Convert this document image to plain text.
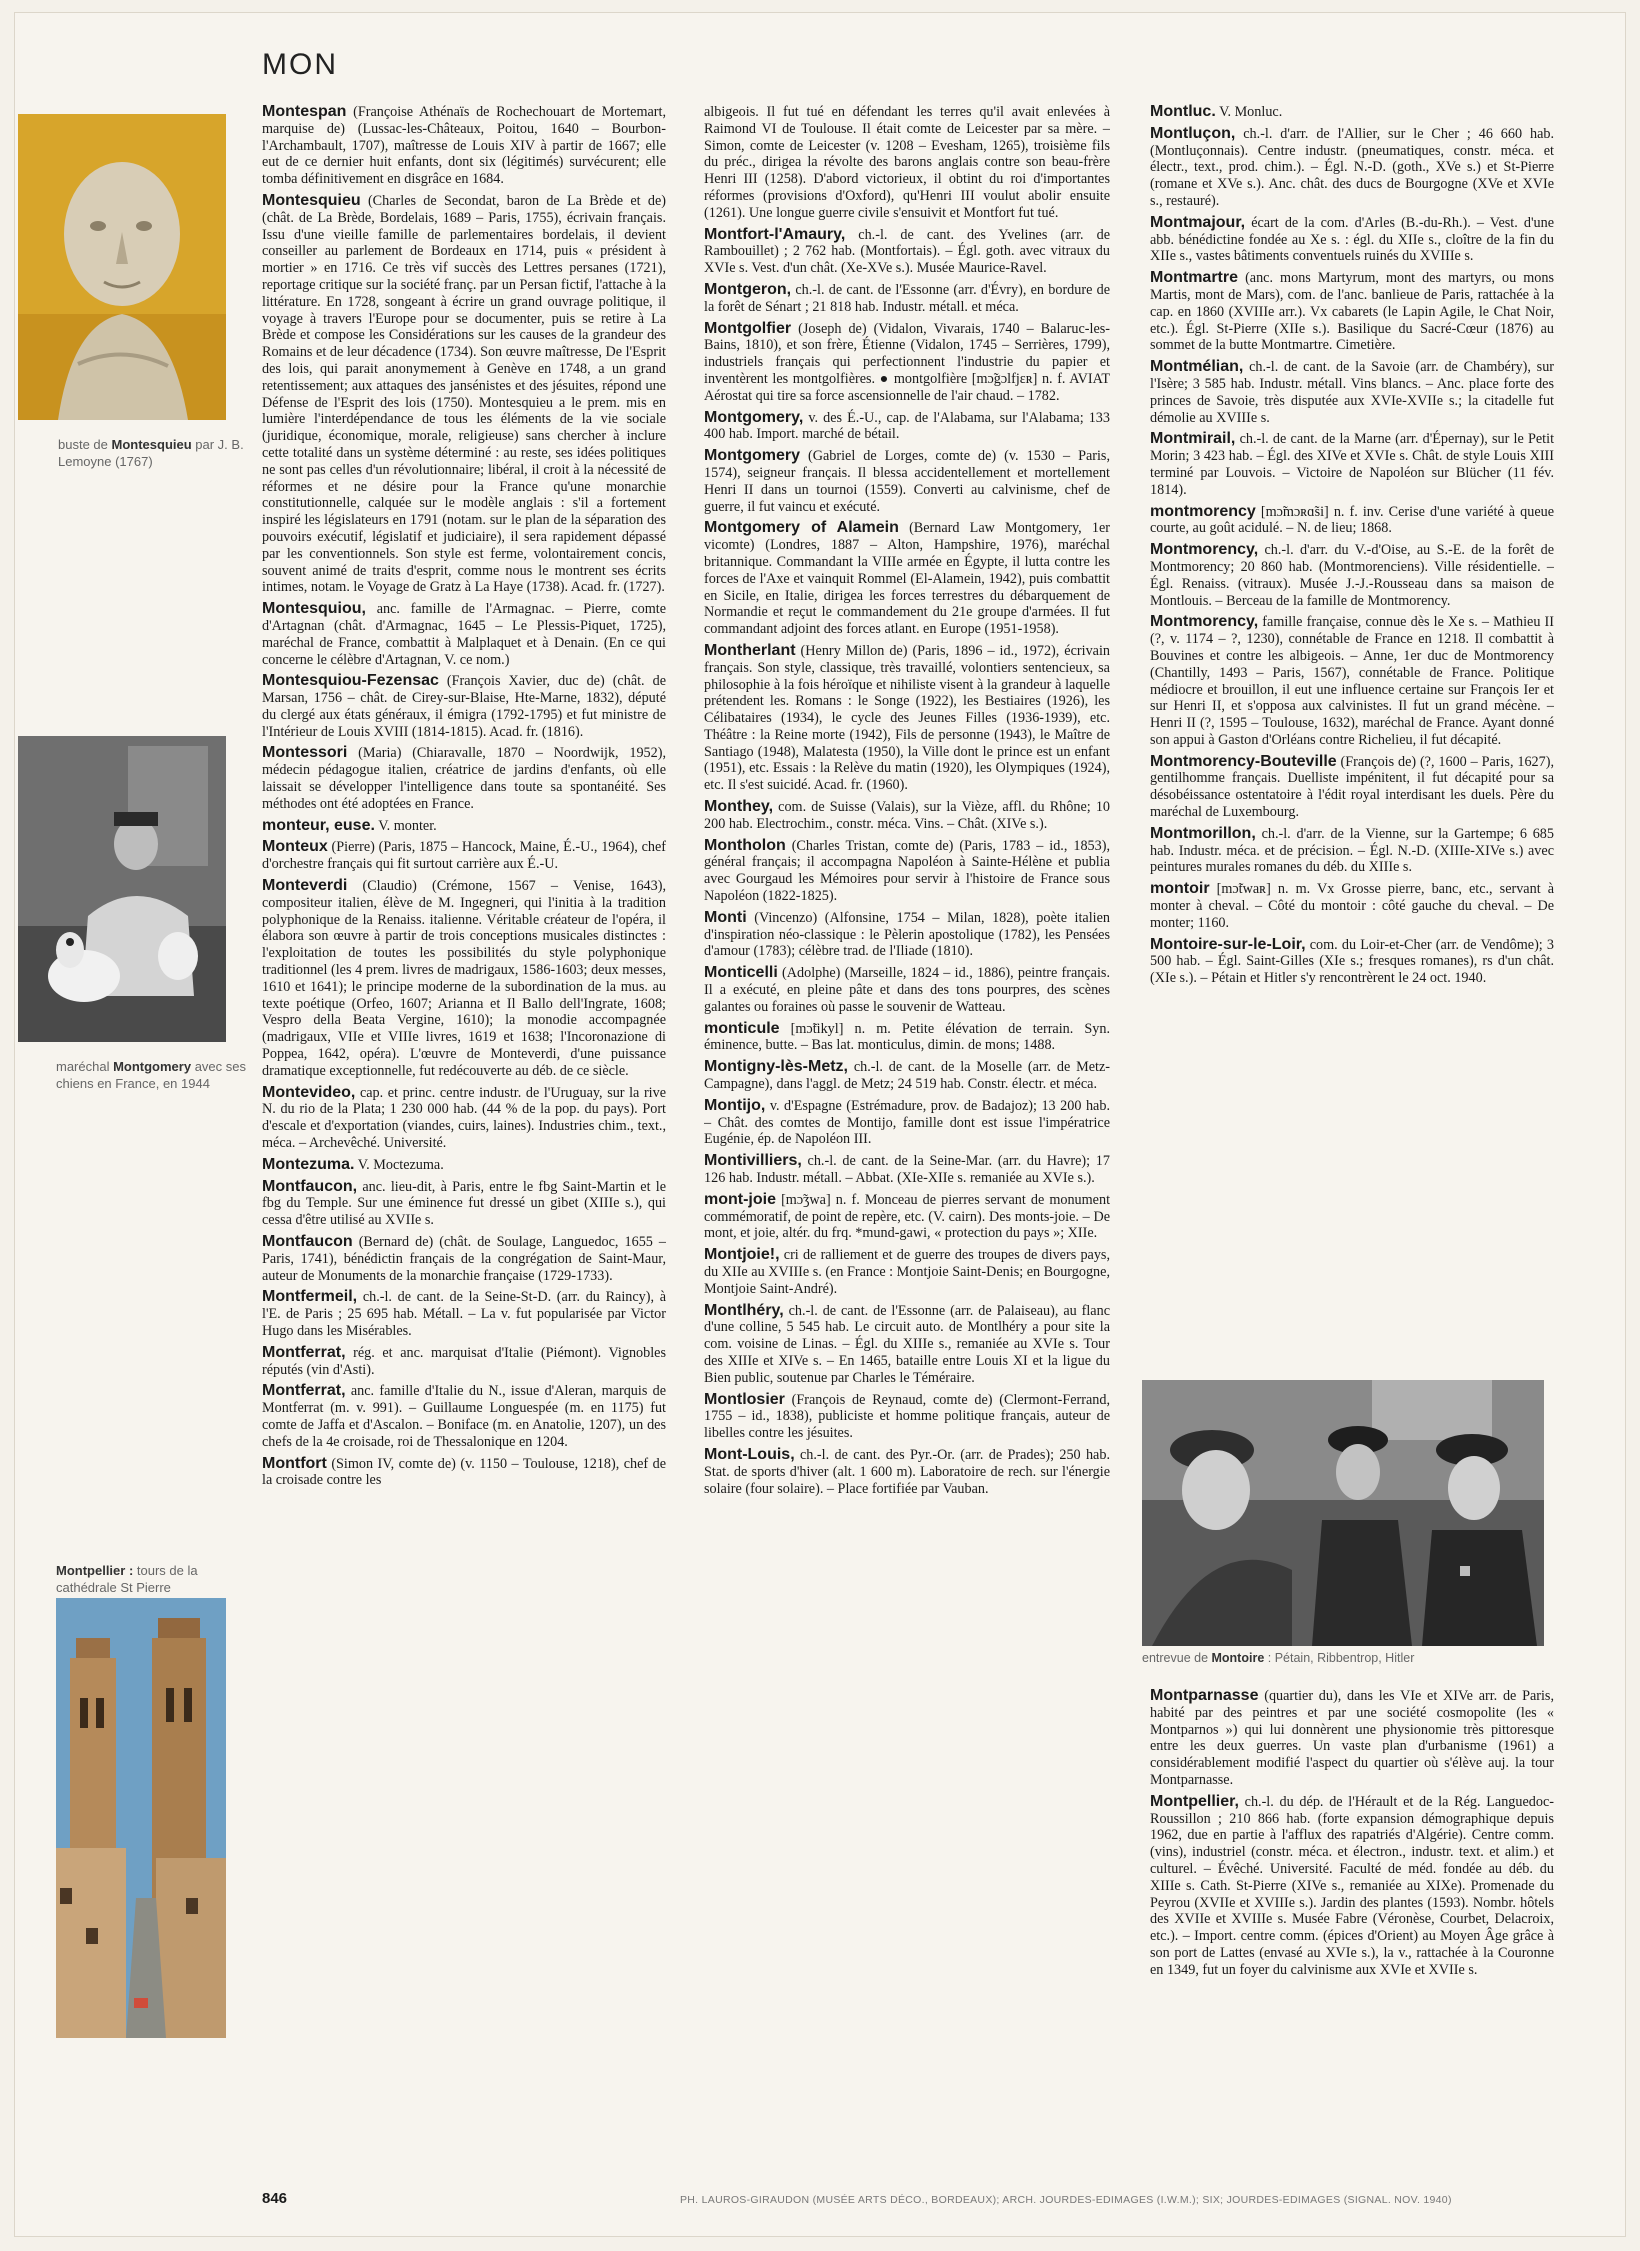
MON
buste de Montesquieu par J. B. Lemoyne (1767)
maréchal Montgomery avec ses chiens en France, en 1944
Montpellier : tours de la cathédrale St Pierre
entrevue de Montoire : Pétain, Ribbentrop, Hitler

Montespan (Françoise Athénaïs de Rochechouart de Mortemart, marquise de) (Lussac-les-Châteaux, Poitou, 1640 – Bourbon-l'Archambault, 1707), maîtresse de Louis XIV à partir de 1667; elle eut de ce dernier huit enfants, dont six (légitimés) survécurent; elle tomba définitivement en disgrâce en 1684.

Montesquieu (Charles de Secondat, baron de La Brède et de) (chât. de La Brède, Bordelais, 1689 – Paris, 1755), écrivain français. Issu d'une vieille famille de parlementaires bordelais, il devient conseiller au parlement de Bordeaux en 1714, puis « président à mortier » en 1716. Ce très vif succès des Lettres persanes (1721), reportage critique sur la société franç. par un Persan fictif, l'attache à la littérature. En 1728, songeant à écrire un grand ouvrage politique, il voyage à travers l'Europe pour se documenter, puis se retire à La Brède et compose les Considérations sur les causes de la grandeur des Romains et de leur décadence (1734). Son œuvre maîtresse, De l'Esprit des lois, qui parait anonymement à Genève en 1748, a un grand retentissement; aux attaques des jansénistes et des jésuites, répond une Défense de l'Esprit des lois (1750). Montesquieu a le prem. mis en lumière l'interdépendance de tous les éléments de la vie sociale (juridique, économique, morale, religieuse) sans chercher à inclure cette totalité dans un système déterminé : au reste, ses idées politiques ne sont pas celles d'un révolutionnaire; libéral, il croit à la nécessité de réformes et ne désire pour la France qu'une monarchie constitutionnelle, calquée sur le modèle anglais : s'il a fortement inspiré les législateurs en 1791 (notam. sur le plan de la séparation des pouvoirs exécutif, législatif et judiciaire), il sera rapidement dépassé par les conventionnels. Son style est ferme, volontairement concis, souvent animé de traits d'esprit, comme nous le montrent ses écrits intimes, notam. le Voyage de Gratz à La Haye (1738). Acad. fr. (1727).

Montesquiou, anc. famille de l'Armagnac. – Pierre, comte d'Artagnan (chât. d'Armagnac, 1645 – Le Plessis-Piquet, 1725), maréchal de France, combattit à Malplaquet et à Denain. (En ce qui concerne le célèbre d'Artagnan, V. ce nom.)

Montesquiou-Fezensac (François Xavier, duc de) (chât. de Marsan, 1756 – chât. de Cirey-sur-Blaise, Hte-Marne, 1832), député du clergé aux états généraux, il émigra (1792-1795) et fut ministre de l'Intérieur de Louis XVIII (1814-1815). Acad. fr. (1816).

Montessori (Maria) (Chiaravalle, 1870 – Noordwijk, 1952), médecin pédagogue italien, créatrice de jardins d'enfants, où elle laissait se développer l'intelligence dans toute sa spontanéité. Ses méthodes ont été adoptées en France.

monteur, euse. V. monter.

Monteux (Pierre) (Paris, 1875 – Hancock, Maine, É.-U., 1964), chef d'orchestre français qui fit surtout carrière aux É.-U.

Monteverdi (Claudio) (Crémone, 1567 – Venise, 1643), compositeur italien, élève de M. Ingegneri, qui l'initia à la tradition polyphonique de la Renaiss. italienne. Véritable créateur de l'opéra, il élabora son œuvre à partir de trois conceptions musicales distinctes : l'exploitation de toutes les possibilités du style polyphonique traditionnel (les 4 prem. livres de madrigaux, 1586-1603; deux messes, 1610 et 1641); le principe moderne de la subordination de la mus. au texte poétique (Orfeo, 1607; Arianna et Il Ballo dell'Ingrate, 1608; Vespro della Beata Vergine, 1610); la monodie accompagnée (madrigaux, VIIe et VIIIe livres, 1619 et 1638; l'Incoronazione di Poppea, 1642, opéra). L'œuvre de Monteverdi, d'une puissance dramatique exceptionnelle, fut redécouverte au déb. de ce siècle.

Montevideo, cap. et princ. centre industr. de l'Uruguay, sur la rive N. du rio de la Plata; 1 230 000 hab. (44 % de la pop. du pays). Port d'escale et d'exportation (viandes, cuirs, laines). Industries chim., text., méca. – Archevêché. Université.

Montezuma. V. Moctezuma.

Montfaucon, anc. lieu-dit, à Paris, entre le fbg Saint-Martin et le fbg du Temple. Sur une éminence fut dressé un gibet (XIIIe s.), qui cessa d'être utilisé au XVIIe s.

Montfaucon (Bernard de) (chât. de Soulage, Languedoc, 1655 – Paris, 1741), bénédictin français de la congrégation de Saint-Maur, auteur de Monuments de la monarchie française (1729-1733).

Montfermeil, ch.-l. de cant. de la Seine-St-D. (arr. du Raincy), à l'E. de Paris ; 25 695 hab. Métall. – La v. fut popularisée par Victor Hugo dans les Misérables.

Montferrat, rég. et anc. marquisat d'Italie (Piémont). Vignobles réputés (vin d'Asti).

Montferrat, anc. famille d'Italie du N., issue d'Aleran, marquis de Montferrat (m. v. 991). – Guillaume Longuespée (m. en 1175) fut comte de Jaffa et d'Ascalon. – Boniface (m. en Anatolie, 1207), un des chefs de la 4e croisade, roi de Thessalonique en 1204.

Montfort (Simon IV, comte de) (v. 1150 – Toulouse, 1218), chef de la croisade contre les

albigeois. Il fut tué en défendant les terres qu'il avait enlevées à Raimond VI de Toulouse. Il était comte de Leicester par sa mère. – Simon, comte de Leicester (v. 1208 – Evesham, 1265), troisième fils du préc., dirigea la révolte des barons anglais contre son beau-frère Henri III (1258). D'abord victorieux, il obtint du roi d'importantes réformes (provisions d'Oxford), qu'Henri III voulut abolir ensuite (1261). Une longue guerre civile s'ensuivit et Montfort fut tué.

Montfort-l'Amaury, ch.-l. de cant. des Yvelines (arr. de Rambouillet) ; 2 762 hab. (Montfortais). – Égl. goth. avec vitraux du XVIe s. Vest. d'un chât. (Xe-XVe s.). Musée Maurice-Ravel.

Montgeron, ch.-l. de cant. de l'Essonne (arr. d'Évry), en bordure de la forêt de Sénart ; 21 818 hab. Industr. métall. et méca.

Montgolfier (Joseph de) (Vidalon, Vivarais, 1740 – Balaruc-les-Bains, 1810), et son frère, Étienne (Vidalon, 1745 – Serrières, 1799), industriels français qui perfectionnent l'industrie du papier et inventèrent les montgolfières. ● montgolfière [mɔ̃gɔlfjɛʀ] n. f. AVIAT Aérostat qui tire sa force ascensionnelle de l'air chaud. – 1782.

Montgomery, v. des É.-U., cap. de l'Alabama, sur l'Alabama; 133 400 hab. Import. marché de bétail.

Montgomery (Gabriel de Lorges, comte de) (v. 1530 – Paris, 1574), seigneur français. Il blessa accidentellement et mortellement Henri II dans un tournoi (1559). Converti au calvinisme, chef de guerre, il fut vaincu et exécuté.

Montgomery of Alamein (Bernard Law Montgomery, 1er vicomte) (Londres, 1887 – Alton, Hampshire, 1976), maréchal britannique. Commandant la VIIIe armée en Égypte, il lutta contre les forces de l'Axe et vainquit Rommel (El-Alamein, 1942), puis combattit en Sicile, en Italie, dirigea les forces terrestres du débarquement de Normandie et reçut le commandement du 21e groupe d'armées. Il fut commandant adjoint des forces atlant. en Europe (1951-1958).

Montherlant (Henry Millon de) (Paris, 1896 – id., 1972), écrivain français. Son style, classique, très travaillé, volontiers sentencieux, sa philosophie à la fois héroïque et nihiliste visent à la grandeur à laquelle prétendent les. Romans : le Songe (1922), les Bestiaires (1926), les Célibataires (1934), le cycle des Jeunes Filles (1936-1939), etc. Théâtre : la Reine morte (1942), Fils de personne (1943), le Maître de Santiago (1948), Malatesta (1950), la Ville dont le prince est un enfant (1951), etc. Essais : la Relève du matin (1920), les Olympiques (1924), etc. Il s'est suicidé. Acad. fr. (1960).

Monthey, com. de Suisse (Valais), sur la Vièze, affl. du Rhône; 10 200 hab. Electrochim., constr. méca. Vins. – Chât. (XIVe s.).

Montholon (Charles Tristan, comte de) (Paris, 1783 – id., 1853), général français; il accompagna Napoléon à Sainte-Hélène et publia avec Gourgaud les Mémoires pour servir à l'histoire de France sous Napoléon (1822-1825).

Monti (Vincenzo) (Alfonsine, 1754 – Milan, 1828), poète italien d'inspiration néo-classique : le Pèlerin apostolique (1782), les Pensées d'amour (1783); célèbre trad. de l'Iliade (1810).

Monticelli (Adolphe) (Marseille, 1824 – id., 1886), peintre français. Il a exécuté, en pleine pâte et dans des tons pourpres, des scènes galantes ou foraines où passe le souvenir de Watteau.

monticule [mɔ̃tikyl] n. m. Petite élévation de terrain. Syn. éminence, butte. – Bas lat. monticulus, dimin. de mons; 1488.

Montigny-lès-Metz, ch.-l. de cant. de la Moselle (arr. de Metz-Campagne), dans l'aggl. de Metz; 24 519 hab. Constr. électr. et méca.

Montijo, v. d'Espagne (Estrémadure, prov. de Badajoz); 13 200 hab. – Chât. des comtes de Montijo, famille dont est issue l'impératrice Eugénie, ép. de Napoléon III.

Montivilliers, ch.-l. de cant. de la Seine-Mar. (arr. du Havre); 17 126 hab. Industr. métall. – Abbat. (XIe-XIIe s. remaniée au XVIe s.).

mont-joie [mɔ̃ʒwa] n. f. Monceau de pierres servant de monument commémoratif, de point de repère, etc. (V. cairn). Des monts-joie. – De mont, et joie, altér. du frq. *mund-gawi, « protection du pays »; XIIe.

Montjoie!, cri de ralliement et de guerre des troupes de divers pays, du XIIe au XVIIIe s. (en France : Montjoie Saint-Denis; en Bourgogne, Montjoie Saint-André).

Montlhéry, ch.-l. de cant. de l'Essonne (arr. de Palaiseau), au flanc d'une colline, 5 545 hab. Le circuit auto. de Montlhéry a pour site la com. voisine de Linas. – Égl. du XIIIe s., remaniée au XVIe s. Tour des XIIIe et XIVe s. – En 1465, bataille entre Louis XI et la ligue du Bien public, soutenue par Charles le Téméraire.

Montlosier (François de Reynaud, comte de) (Clermont-Ferrand, 1755 – id., 1838), publiciste et homme politique français, auteur de libelles contre les jésuites.

Mont-Louis, ch.-l. de cant. des Pyr.-Or. (arr. de Prades); 250 hab. Stat. de sports d'hiver (alt. 1 600 m). Laboratoire de rech. sur l'énergie solaire (four solaire). – Place fortifiée par Vauban.

Montluc. V. Monluc.

Montluçon, ch.-l. d'arr. de l'Allier, sur le Cher ; 46 660 hab. (Montluçonnais). Centre industr. (pneumatiques, constr. méca. et électr., text., prod. chim.). – Égl. N.-D. (goth., XVe s.) et St-Pierre (romane et XVe s.). Anc. chât. des ducs de Bourgogne (XVe et XVIe s., restauré).

Montmajour, écart de la com. d'Arles (B.-du-Rh.). – Vest. d'une abb. bénédictine fondée au Xe s. : égl. du XIIe s., cloître de la fin du XIIe s., vastes bâtiments conventuels ruinés du XVIIIe s.

Montmartre (anc. mons Martyrum, mont des martyrs, ou mons Martis, mont de Mars), com. de l'anc. banlieue de Paris, rattachée à la cap. en 1860 (XVIIIe arr.). Vx cabarets (le Lapin Agile, le Chat Noir, etc.). Égl. St-Pierre (XIIe s.). Basilique du Sacré-Cœur (1876) au sommet de la butte Montmartre. Cimetière.

Montmélian, ch.-l. de cant. de la Savoie (arr. de Chambéry), sur l'Isère; 3 585 hab. Industr. métall. Vins blancs. – Anc. place forte des princes de Savoie, très disputée aux XVIe-XVIIe s.; la citadelle fut démolie au XVIIIe s.

Montmirail, ch.-l. de cant. de la Marne (arr. d'Épernay), sur le Petit Morin; 3 423 hab. – Égl. des XIVe et XVIe s. Chât. de style Louis XIII terminé par Louvois. – Victoire de Napoléon sur Blücher (11 fév. 1814).

montmorency [mɔ̃mɔʀɑ̃si] n. f. inv. Cerise d'une variété à queue courte, au goût acidulé. – N. de lieu; 1868.

Montmorency, ch.-l. d'arr. du V.-d'Oise, au S.-E. de la forêt de Montmorency; 20 860 hab. (Montmorenciens). Ville résidentielle. – Égl. Renaiss. (vitraux). Musée J.-J.-Rousseau dans sa maison de Montlouis. – Berceau de la famille de Montmorency.

Montmorency, famille française, connue dès le Xe s. – Mathieu II (?, v. 1174 – ?, 1230), connétable de France en 1218. Il combattit à Bouvines et contre les albigeois. – Anne, 1er duc de Montmorency (Chantilly, 1493 – Paris, 1567), connétable de France. Politique médiocre et brouillon, il eut une influence certaine sur François Ier et sur Henri II, et s'opposa aux calvinistes. Il fut un grand mécène. – Henri II (?, 1595 – Toulouse, 1632), maréchal de France. Ayant donné son appui à Gaston d'Orléans contre Richelieu, il fut décapité.

Montmorency-Bouteville (François de) (?, 1600 – Paris, 1627), gentilhomme français. Duelliste impénitent, il fut décapité pour sa désobéissance ostentatoire à l'édit royal interdisant les duels. Père du maréchal de Luxembourg.

Montmorillon, ch.-l. d'arr. de la Vienne, sur la Gartempe; 6 685 hab. Industr. méca. et de précision. – Égl. N.-D. (XIIIe-XIVe s.) avec peintures murales romanes du déb. du XIIIe s.

montoir [mɔ̃twaʀ] n. m. Vx Grosse pierre, banc, etc., servant à monter à cheval. – Côté du montoir : côté gauche du cheval. – De monter; 1160.

Montoire-sur-le-Loir, com. du Loir-et-Cher (arr. de Vendôme); 3 500 hab. – Égl. Saint-Gilles (XIe s.; fresques romanes), rs d'un chât. (XIe s.). – Pétain et Hitler s'y rencontrèrent le 24 oct. 1940.

Montparnasse (quartier du), dans les VIe et XIVe arr. de Paris, habité par des peintres et par une société cosmopolite (les « Montparnos ») qui lui donnèrent une physionomie très pittoresque entre les deux guerres. Un vaste plan d'urbanisme (1961) a considérablement modifié l'aspect du quartier où s'élève auj. la tour Montparnasse.

Montpellier, ch.-l. du dép. de l'Hérault et de la Rég. Languedoc-Roussillon ; 210 866 hab. (forte expansion démographique depuis 1962, due en partie à l'afflux des rapatriés d'Algérie). Centre comm. (vins), industriel (constr. méca. et électron., industr. text. et alim.) et culturel. – Évêché. Université. Faculté de méd. fondée au déb. du XIIIe s. Cath. St-Pierre (XIVe s., remaniée au XIXe). Promenade du Peyrou (XVIIe et XVIIIe s.). Jardin des plantes (1593). Nombr. hôtels des XVIIe et XVIIIe s. Musée Fabre (Véronèse, Courbet, Delacroix, etc.). – Import. centre comm. (épices d'Orient) au Moyen Âge grâce à son port de Lattes (envasé au XVIe s.), la v., rattachée à la Couronne en 1349, fut un foyer du calvinisme aux XVIe et XVIIe s.

846	PH. LAUROS-GIRAUDON (MUSÉE ARTS DÉCO., BORDEAUX); ARCH. JOURDES-EDIMAGES (I.W.M.); SIX; JOURDES-EDIMAGES (SIGNAL. NOV. 1940)
